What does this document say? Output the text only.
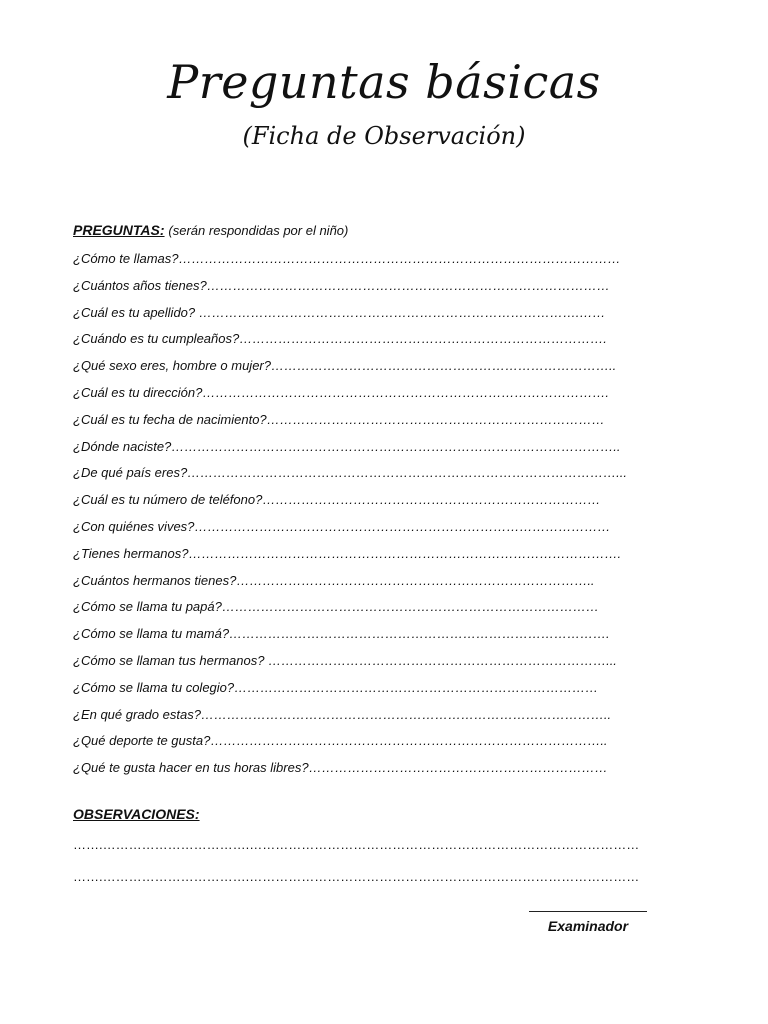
Preguntas básicas
(Ficha de Observación)
PREGUNTAS: (serán respondidas por el niño)
¿Cómo te llamas?…………………………………………………………………………………………
¿Cuántos años tienes?…………………………………………………………………………………
¿Cuál es tu apellido? …………………………………………………………………………….……
¿Cuándo es tu cumpleaños?………………………………………………………………………….
¿Qué sexo eres, hombre o mujer?……………………………………………………………………..
¿Cuál es tu dirección?………………………………………………………………………………….
¿Cuál es tu fecha de nacimiento?……………………………………………………………………
¿Dónde naciste?…………………………………………………………………………………………..
¿De qué país eres?………………………………………………………………………………………...
¿Cuál es tu número de teléfono?……………………………………………………………………
¿Con quiénes vives?……………………………………………………………………………………
¿Tienes hermanos?……………………………………………………………………………………….
¿Cuántos hermanos tienes?………………………………………………………………………..
¿Cómo se llama tu papá?……………………………………………………………………………
¿Cómo se llama tu mamá?…………………………………………………………………………….
¿Cómo se llaman tus hermanos? ……………………………………………………………………...
¿Cómo se llama tu colegio?…………………………………………………………………………
¿En qué grado estas?…………………………………………………………………………………..
¿Qué deporte te gusta?………………………………………………………………………………..
¿Qué te gusta hacer en tus horas libres?……………………………………………………………
OBSERVACIONES:
…….…………………………….………………………………………………………………………………
…….…………………………….………………………………………………………………………………
Examinador
